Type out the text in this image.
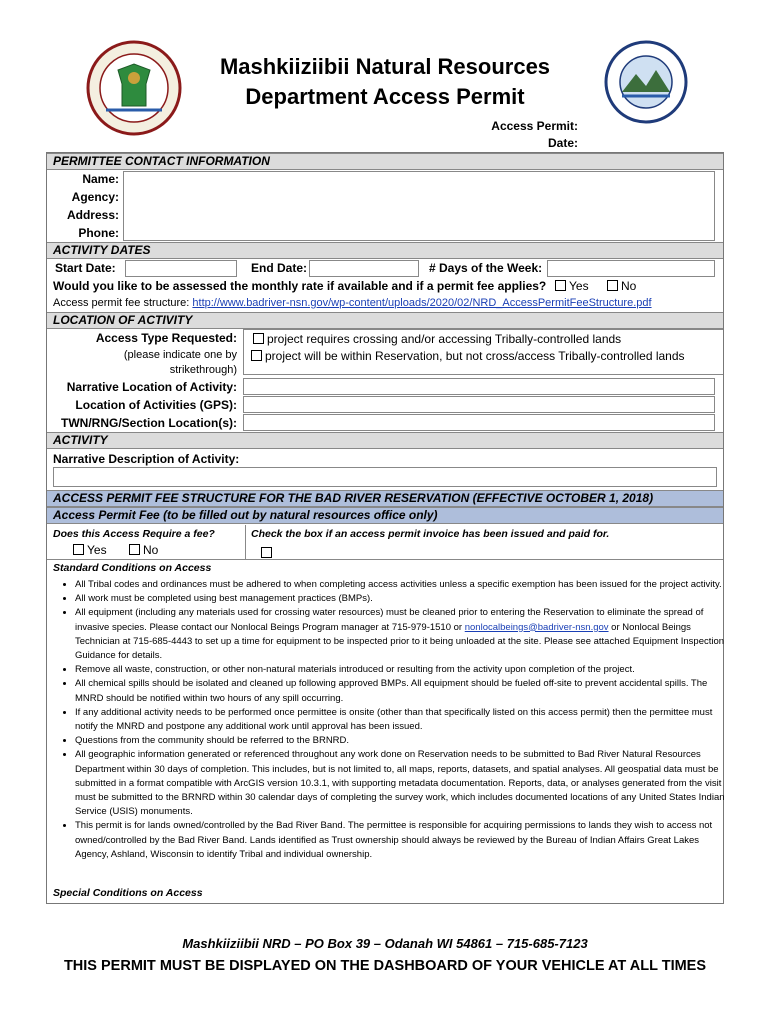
Mashkiiziibii Natural Resources
Department Access Permit
Access Permit:
Date:
PERMITTEE CONTACT INFORMATION
Name:
Agency:
Address:
Phone:
ACTIVITY DATES
Start Date:	End Date:	# Days of the Week:
Would you like to be assessed the monthly rate if available and if a permit fee applies?	Yes	No
Access permit fee structure: http://www.badriver-nsn.gov/wp-content/uploads/2020/02/NRD_AccessPermitFeeStructure.pdf
LOCATION OF ACTIVITY
Access Type Requested:
(please indicate one by
strikethrough)
project requires crossing and/or accessing Tribally-controlled lands
project will be within Reservation, but not cross/access Tribally-controlled lands
Narrative Location of Activity:
Location of Activities (GPS):
TWN/RNG/Section Location(s):
ACTIVITY
Narrative Description of Activity:
ACCESS PERMIT FEE STRUCTURE FOR THE BAD RIVER RESERVATION (EFFECTIVE OCTOBER 1, 2018)
Access Permit Fee (to be filled out by natural resources office only)
Does this Access Require a fee?	Check the box if an access permit invoice has been issued and paid for.
Yes	No
Standard Conditions on Access
• All Tribal codes and ordinances must be adhered to when completing access activities unless a specific exemption has been issued for the project activity.
• All work must be completed using best management practices (BMPs).
• All equipment (including any materials used for crossing water resources) must be cleaned prior to entering the Reservation to eliminate the spread of invasive species. Please contact our Nonlocal Beings Program manager at 715-979-1510 or nonlocalbeings@badriver-nsn.gov or Nonlocal Beings Technician at 715-685-4443 to set up a time for equipment to be inspected prior to it being unloaded at the site. Please see attached Equipment Inspection Guidance for details.
• Remove all waste, construction, or other non-natural materials introduced or resulting from the activity upon completion of the project.
• All chemical spills should be isolated and cleaned up following approved BMPs. All equipment should be fueled off-site to prevent accidental spills. The MNRD should be notified within two hours of any spill occurring.
• If any additional activity needs to be performed once permittee is onsite (other than that specifically listed on this access permit) then the permittee must notify the MNRD and postpone any additional work until approval has been issued.
• Questions from the community should be referred to the BRNRD.
• All geographic information generated or referenced throughout any work done on Reservation needs to be submitted to Bad River Natural Resources Department within 30 days of completion. This includes, but is not limited to, all maps, reports, datasets, and spatial analyses. All geospatial data must be submitted in a format compatible with ArcGIS version 10.3.1, with supporting metadata documentation. Reports, data, or analyses generated from the visit must be submitted to the BRNRD within 30 calendar days of completing the survey work, which includes documented locations of any United States Indian Service (USIS) monuments.
• This permit is for lands owned/controlled by the Bad River Band. The permittee is responsible for acquiring permissions to lands they wish to access not owned/controlled by the Bad River Band. Lands identified as Trust ownership should always be reviewed by the Bureau of Indian Affairs Great Lakes Agency, Ashland, Wisconsin to identify Tribal and individual ownership.
Special Conditions on Access
Mashkiiziibii NRD – PO Box 39 – Odanah WI 54861 – 715-685-7123
THIS PERMIT MUST BE DISPLAYED ON THE DASHBOARD OF YOUR VEHICLE AT ALL TIMES
